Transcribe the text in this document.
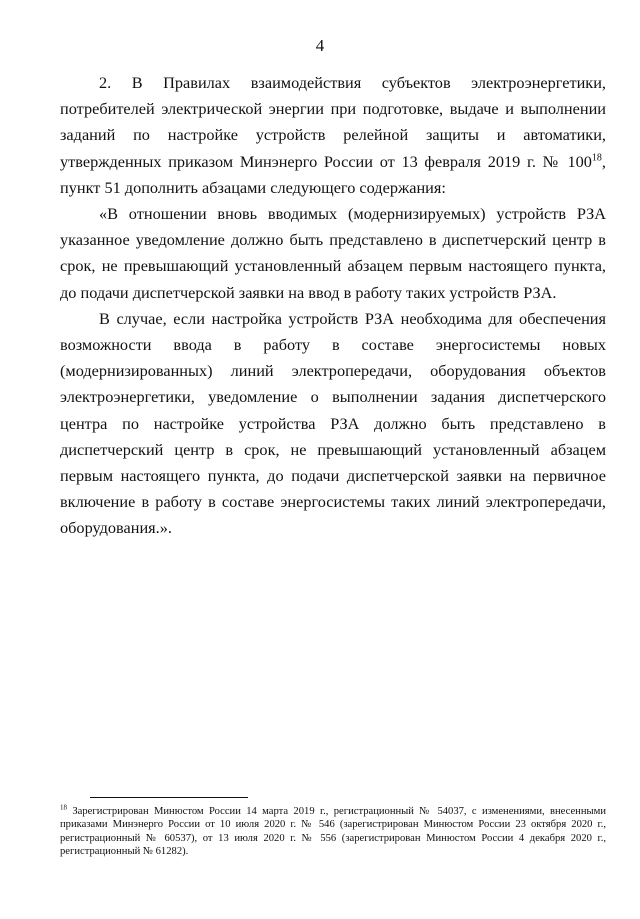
4

2. В Правилах взаимодействия субъектов электроэнергетики, потребителей электрической энергии при подготовке, выдаче и выполнении заданий по настройке устройств релейной защиты и автоматики, утвержденных приказом Минэнерго России от 13 февраля 2019 г. № $100^{18}$, пункт 51 дополнить абзацами следующего содержания:

«В отношении вновь вводимых (модернизируемых) устройств РЗА указанное уведомление должно быть представлено в диспетчерский центр в срок, не превышающий установленный абзацем первым настоящего пункта, до подачи диспетчерской заявки на ввод в работу таких устройств РЗА.

В случае, если настройка устройств РЗА необходима для обеспечения возможности ввода в работу в составе энергосистемы новых (модернизированных) линий электропередачи, оборудования объектов электроэнергетики, уведомление о выполнении задания диспетчерского центра по настройке устройства РЗА должно быть представлено в диспетчерский центр в срок, не превышающий установленный абзацем первым настоящего пункта, до подачи диспетчерской заявки на первичное включение в работу в составе энергосистемы таких линий электропередачи, оборудования.».

$^{18}$ Зарегистрирован Минюстом России 14 марта 2019 г., регистрационный № 54037, с изменениями, внесенными приказами Минэнерго России от 10 июля 2020 г. № 546 (зарегистрирован Минюстом России 23 октября 2020 г., регистрационный № 60537), от 13 июля 2020 г. № 556 (зарегистрирован Минюстом России 4 декабря 2020 г., регистрационный № 61282).
